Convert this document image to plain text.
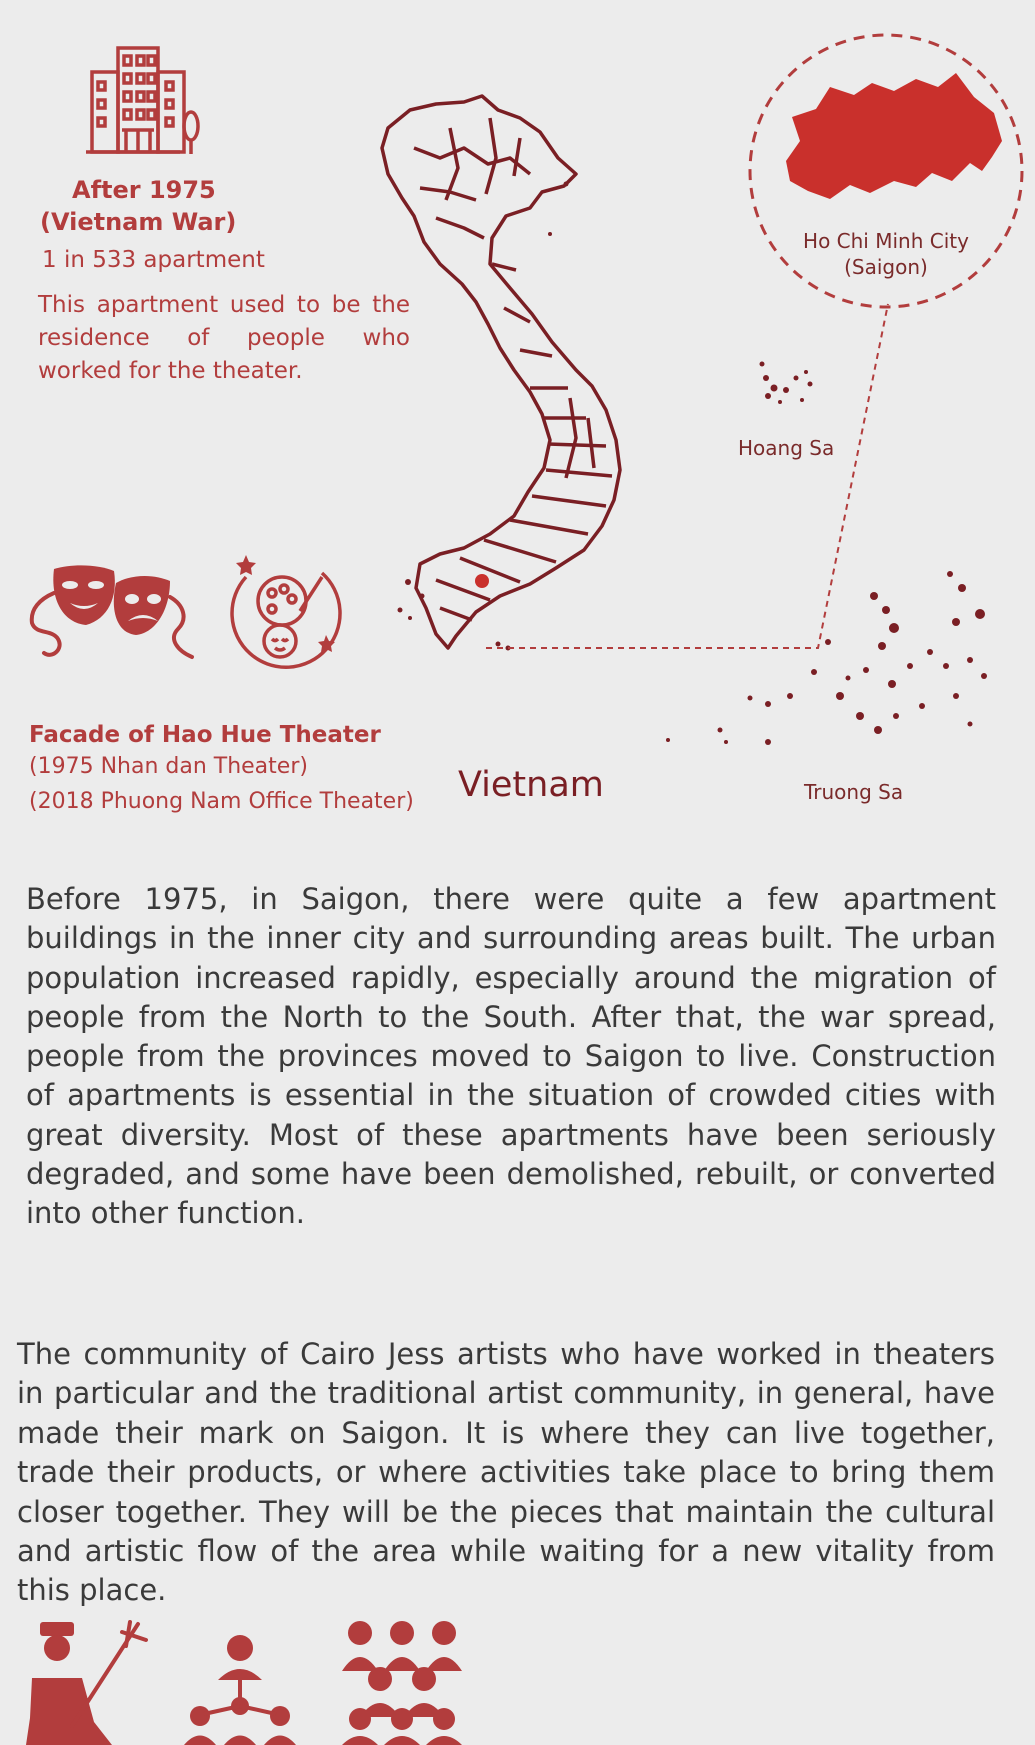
After 1975
(Vietnam War)
1 in 533 apartment
This apartment used to be the residence of people who worked for the theater.
Facade of Hao Hue Theater
(1975 Nhan dan Theater)
(2018 Phuong Nam Office Theater)
Ho Chi Minh City
(Saigon)
Hoang Sa
Truong Sa
Vietnam
Before 1975, in Saigon, there were quite a few apartment buildings in the inner city and surrounding areas built. The urban population increased rapidly, especially around the migration of people from the North to the South. After that, the war spread, people from the provinces moved to Saigon to live. Construction of apartments is essential in the situation of crowded cities with great diversity. Most of these apartments have been seriously degraded, and some have been demolished, rebuilt, or converted into other function.
The community of Cairo Jess artists who have worked in theaters in particular and the traditional artist community, in general, have made their mark on Saigon. It is where they can live together, trade their products, or where activities take place to bring them closer together. They will be the pieces that maintain the cultural and artistic flow of the area while waiting for a new vitality from this place.
